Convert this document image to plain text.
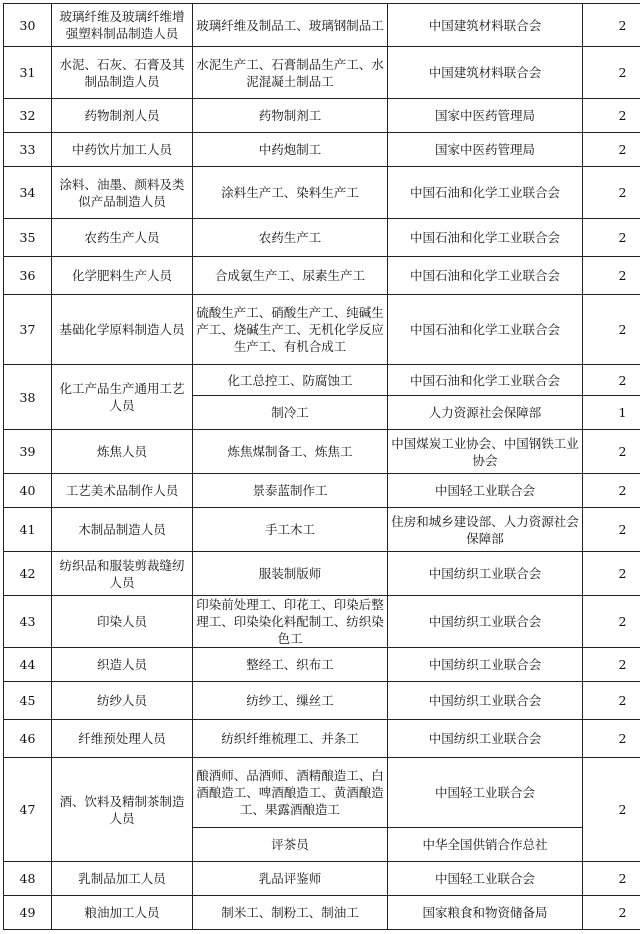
30	玻璃纤维及玻璃纤维增强塑料制品制造人员	玻璃纤维及制品工、玻璃钢制品工	中国建筑材料联合会	2
31	水泥、石灰、石膏及其制品制造人员	水泥生产工、石膏制品生产工、水泥混凝土制品工	中国建筑材料联合会	2
32	药物制剂人员	药物制剂工	国家中医药管理局	2
33	中药饮片加工人员	中药炮制工	国家中医药管理局	2
34	涂料、油墨、颜料及类似产品制造人员	涂料生产工、染料生产工	中国石油和化学工业联合会	2
35	农药生产人员	农药生产工	中国石油和化学工业联合会	2
36	化学肥料生产人员	合成氨生产工、尿素生产工	中国石油和化学工业联合会	2
37	基础化学原料制造人员	硫酸生产工、硝酸生产工、纯碱生产工、烧碱生产工、无机化学反应生产工、有机合成工	中国石油和化学工业联合会	2
38	化工产品生产通用工艺人员	化工总控工、防腐蚀工	中国石油和化学工业联合会	2
		制冷工	人力资源社会保障部	1
39	炼焦人员	炼焦煤制备工、炼焦工	中国煤炭工业协会、中国钢铁工业协会	2
40	工艺美术品制作人员	景泰蓝制作工	中国轻工业联合会	2
41	木制品制造人员	手工木工	住房和城乡建设部、人力资源社会保障部	2
42	纺织品和服装剪裁缝纫人员	服装制版师	中国纺织工业联合会	2
43	印染人员	印染前处理工、印花工、印染后整理工、印染染化料配制工、纺织染色工	中国纺织工业联合会	2
44	织造人员	整经工、织布工	中国纺织工业联合会	2
45	纺纱人员	纺纱工、缫丝工	中国纺织工业联合会	2
46	纤维预处理人员	纺织纤维梳理工、并条工	中国纺织工业联合会	2
47	酒、饮料及精制茶制造人员	酿酒师、品酒师、酒精酿造工、白酒酿造工、啤酒酿造工、黄酒酿造工、果露酒酿造工	中国轻工业联合会	2
		评茶员	中华全国供销合作总社	
48	乳制品加工人员	乳品评鉴师	中国轻工业联合会	2
49	粮油加工人员	制米工、制粉工、制油工	国家粮食和物资储备局	2
